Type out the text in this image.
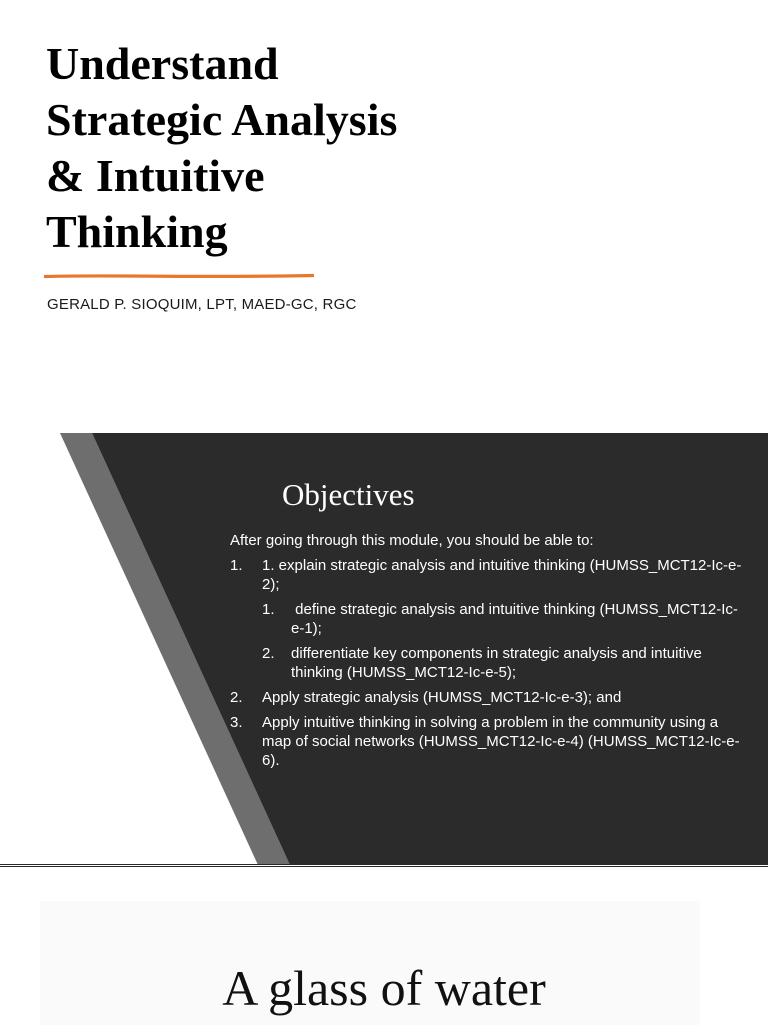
Understand
Strategic Analysis
& Intuitive
Thinking
GERALD P. SIOQUIM, LPT, MAED-GC, RGC
Objectives

After going through this module, you should be able to:

1. 1. explain strategic analysis and intuitive thinking (HUMSS_MCT12-Ic-e-2);
1. define strategic analysis and intuitive thinking (HUMSS_MCT12-Ic-e-1);
2. differentiate key components in strategic analysis and intuitive thinking (HUMSS_MCT12-Ic-e-5);
2. Apply strategic analysis (HUMSS_MCT12-Ic-e-3); and
3. Apply intuitive thinking in solving a problem in the community using a map of social networks (HUMSS_MCT12-Ic-e-4) (HUMSS_MCT12-Ic-e-6).
A glass of water
